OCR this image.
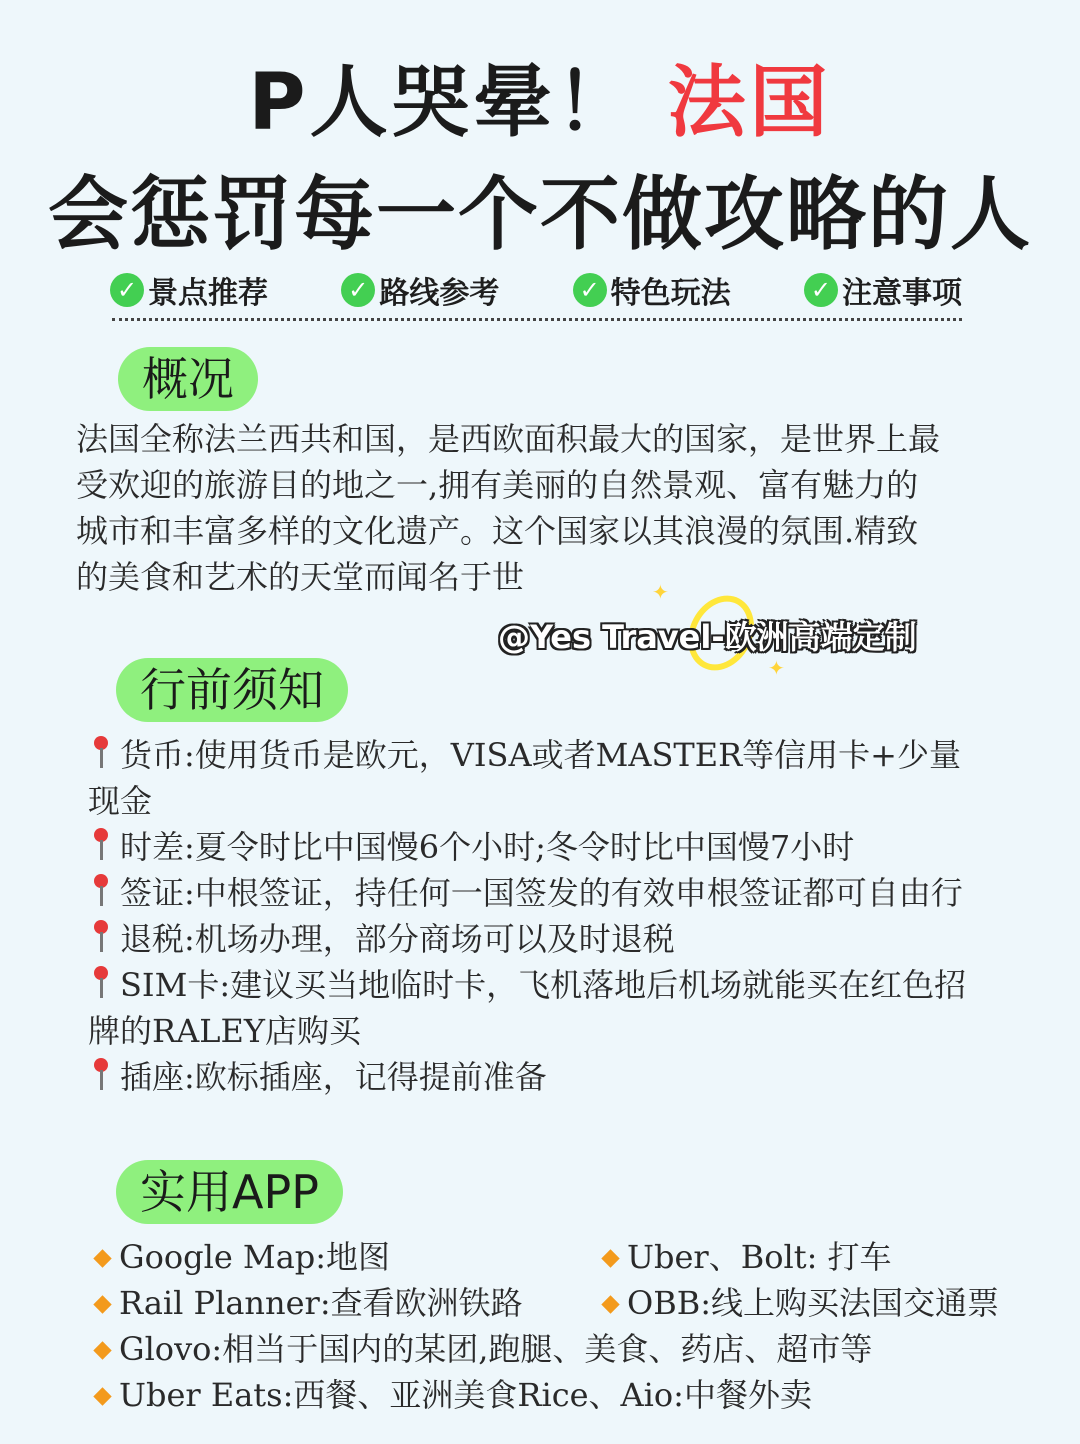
P人哭晕！ 法国
会惩罚每一个不做攻略的人
✓ 景点推荐	✓ 路线参考	✓ 特色玩法	✓ 注意事项
概况
法国全称法兰西共和国，是西欧面积最大的国家，是世界上最
受欢迎的旅游目的地之一,拥有美丽的自然景观、富有魅力的
城市和丰富多样的文化遗产。这个国家以其浪漫的氛围.精致
的美食和艺术的天堂而闻名于世	✦
✦
@Yes Travel-欧洲高端定制
行前须知
货币:使用货币是欧元，VISA或者MASTER等信用卡+少量
现金
时差:夏令时比中国慢6个小时;冬令时比中国慢7小时
签证:中根签证，持任何一国签发的有效申根签证都可自由行
退税:机场办理，部分商场可以及时退税
SIM卡:建议买当地临时卡，飞机落地后机场就能买在红色招
牌的RALEY店购买
插座:欧标插座，记得提前准备
实用APP
Google Map:地图	Uber、Bolt: 打车
Rail Planner:查看欧洲铁路	OBB:线上购买法国交通票
Glovo:相当于国内的某团,跑腿、美食、药店、超市等
Uber Eats:西餐、亚洲美食Rice、Aio:中餐外卖
